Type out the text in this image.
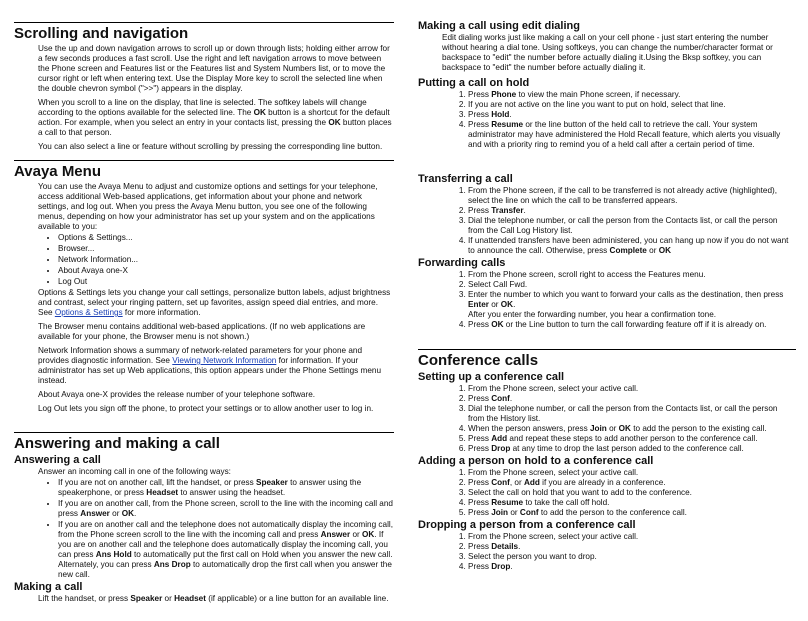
Scrolling and navigation

Use the up and down navigation arrows to scroll up or down through lists; holding either arrow for a few seconds produces a fast scroll. Use the right and left navigation arrows to move between the Phone screen and Features list or the Features list and System Numbers list, or to move the cursor right or left when entering text. Use the Display More key to scroll the selected line when the double chevron symbol (">>") appears in the display.

When you scroll to a line on the display, that line is selected. The softkey labels will change according to the options available for the selected line. The OK button is a shortcut for the default action. For example, when you select an entry in your contacts list, pressing the OK button places a call to that person.

You can also select a line or feature without scrolling by pressing the corresponding line button.

Avaya Menu

You can use the Avaya Menu to adjust and customize options and settings for your telephone, access additional Web-based applications, get information about your phone and network settings, and log out. When you press the Avaya Menu button, you see one of the following menus, depending on how your administrator has set up your system and on the applications available to you:

• Options & Settings...
• Browser...
• Network Information...
• About Avaya one-X
• Log Out

Options & Settings lets you change your call settings, personalize button labels, adjust brightness and contrast, select your ringing pattern, set up favorites, assign speed dial entries, and more. See Options & Settings for more information.

The Browser menu contains additional web-based applications. (If no web applications are available for your phone, the Browser menu is not shown.)

Network Information shows a summary of network-related parameters for your phone and provides diagnostic information. See Viewing Network Information for information. If your administrator has set up Web applications, this option appears under the Phone Settings menu instead.

About Avaya one-X provides the release number of your telephone software.

Log Out lets you sign off the phone, to protect your settings or to allow another user to log in.

Answering and making a call
Answering a call

Answer an incoming call in one of the following ways:

• If you are not on another call, lift the handset, or press Speaker to answer using the speakerphone, or press Headset to answer using the headset.
• If you are on another call, from the Phone screen, scroll to the line with the incoming call and press Answer or OK.
• If you are on another call and the telephone does not automatically display the incoming call, from the Phone screen scroll to the line with the incoming call and press Answer or OK. If you are on another call and the telephone does automatically display the incoming call, you can press Ans Hold to automatically put the first call on Hold when you answer the new call. Alternately, you can press Ans Drop to automatically drop the first call when you answer the new call.
Making a call

Lift the handset, or press Speaker or Headset (if applicable) or a line button for an available line.

Making a call using edit dialing

Edit dialing works just like making a call on your cell phone - just start entering the number without hearing a dial tone. Using softkeys, you can change the number/character format or backspace to "edit" the number before actually dialing it.Using the Bksp softkey, you can backspace to "edit" the number before actually dialing it.

Putting a call on hold
1. Press Phone to view the main Phone screen, if necessary.
2. If you are not active on the line you want to put on hold, select that line.
3. Press Hold.
4. Press Resume or the line button of the held call to retrieve the call. Your system administrator may have administered the Hold Recall feature, which alerts you visually and with a priority ring to remind you of a held call after a certain period of time.
Transferring a call
1. From the Phone screen, if the call to be transferred is not already active (highlighted), select the line on which the call to be transferred appears.
2. Press Transfer.
3. Dial the telephone number, or call the person from the Contacts list, or call the person from the Call Log History list.
4. If unattended transfers have been administered, you can hang up now if you do not want to announce the call. Otherwise, press Complete or OK
Forwarding calls
1. From the Phone screen, scroll right to access the Features menu.
2. Select Call Fwd.
3. Enter the number to which you want to forward your calls as the destination, then press Enter or OK.
After you enter the forwarding number, you hear a confirmation tone.
4. Press OK or the Line button to turn the call forwarding feature off if it is already on.
Conference calls
Setting up a conference call
1. From the Phone screen, select your active call.
2. Press Conf.
3. Dial the telephone number, or call the person from the Contacts list, or call the person from the History list.
4. When the person answers, press Join or OK to add the person to the existing call.
5. Press Add and repeat these steps to add another person to the conference call.
6. Press Drop at any time to drop the last person added to the conference call.
Adding a person on hold to a conference call
1. From the Phone screen, select your active call.
2. Press Conf, or Add if you are already in a conference.
3. Select the call on hold that you want to add to the conference.
4. Press Resume to take the call off hold.
5. Press Join or Conf to add the person to the conference call.
Dropping a person from a conference call
1. From the Phone screen, select your active call.
2. Press Details.
3. Select the person you want to drop.
4. Press Drop.
